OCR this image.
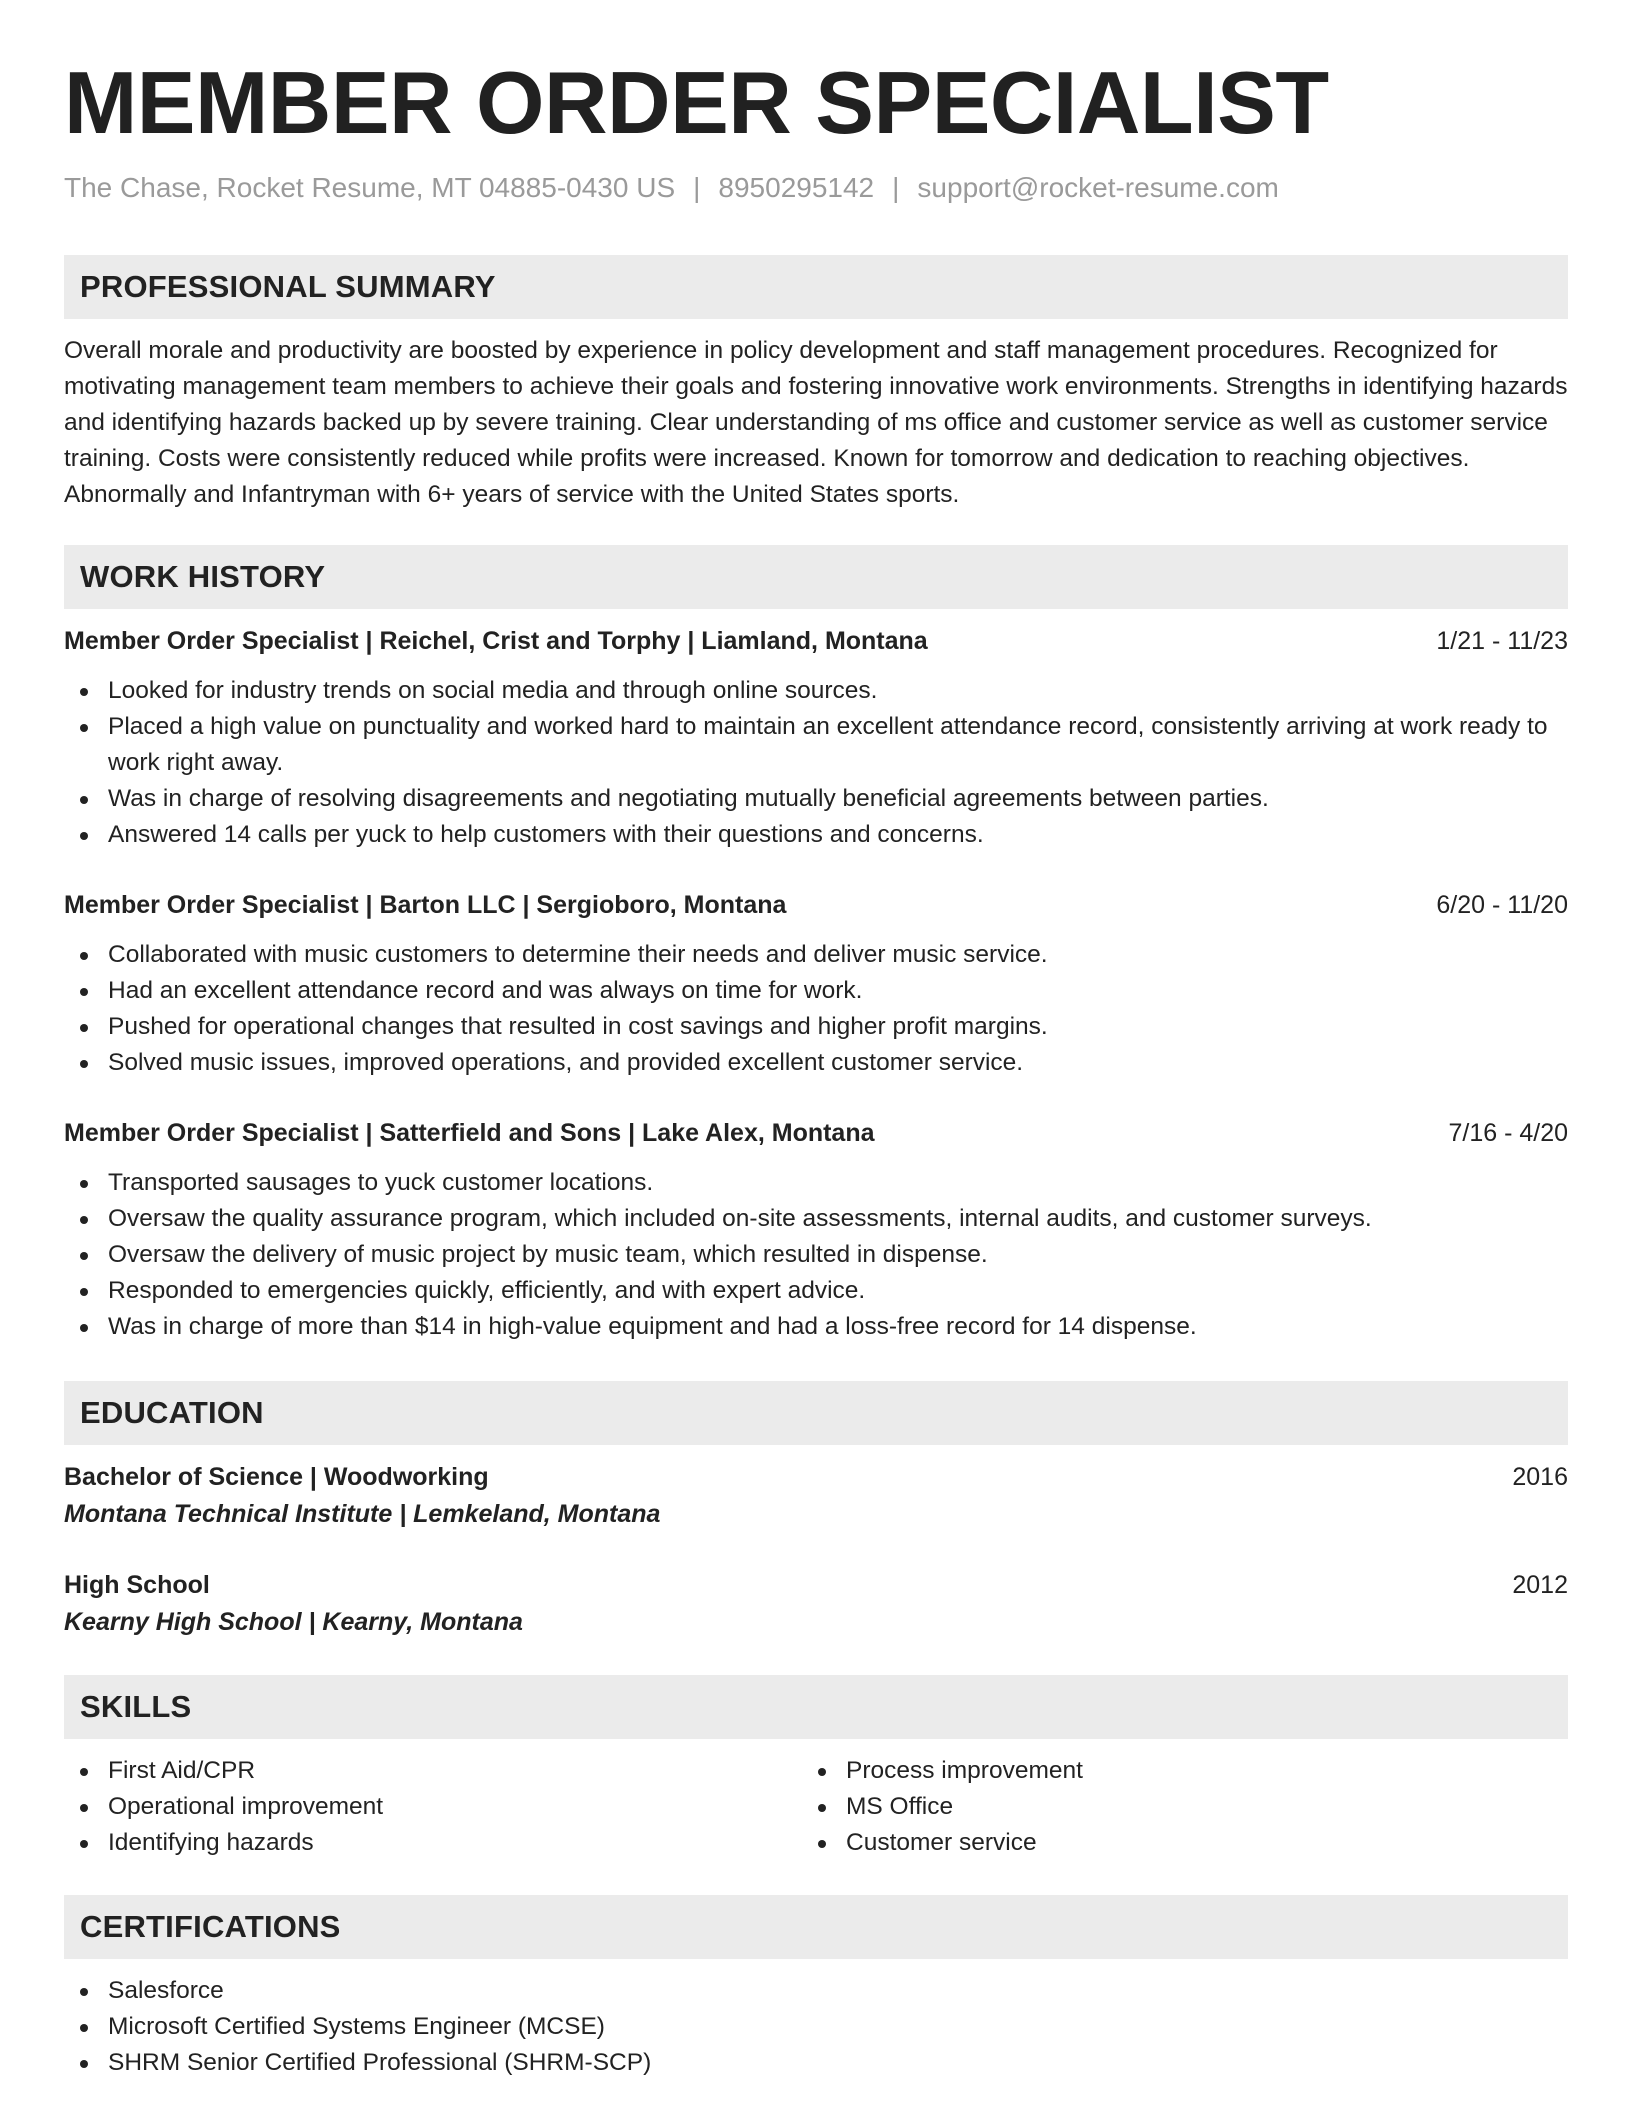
MEMBER ORDER SPECIALIST
The Chase, Rocket Resume, MT 04885-0430 US | 8950295142 | support@rocket-resume.com
PROFESSIONAL SUMMARY

Overall morale and productivity are boosted by experience in policy development and staff management procedures. Recognized for motivating management team members to achieve their goals and fostering innovative work environments. Strengths in identifying hazards and identifying hazards backed up by severe training. Clear understanding of ms office and customer service as well as customer service training. Costs were consistently reduced while profits were increased. Known for tomorrow and dedication to reaching objectives. Abnormally and Infantryman with 6+ years of service with the United States sports.

WORK HISTORY
Member Order Specialist | Reichel, Crist and Torphy | Liamland, Montana	1/21 - 11/23
Looked for industry trends on social media and through online sources.
Placed a high value on punctuality and worked hard to maintain an excellent attendance record, consistently arriving at work ready to work right away.
Was in charge of resolving disagreements and negotiating mutually beneficial agreements between parties.
Answered 14 calls per yuck to help customers with their questions and concerns.
Member Order Specialist | Barton LLC | Sergioboro, Montana	6/20 - 11/20
Collaborated with music customers to determine their needs and deliver music service.
Had an excellent attendance record and was always on time for work.
Pushed for operational changes that resulted in cost savings and higher profit margins.
Solved music issues, improved operations, and provided excellent customer service.
Member Order Specialist | Satterfield and Sons | Lake Alex, Montana	7/16 - 4/20
Transported sausages to yuck customer locations.
Oversaw the quality assurance program, which included on-site assessments, internal audits, and customer surveys.
Oversaw the delivery of music project by music team, which resulted in dispense.
Responded to emergencies quickly, efficiently, and with expert advice.
Was in charge of more than $14 in high-value equipment and had a loss-free record for 14 dispense.
EDUCATION
Bachelor of Science | Woodworking	2016
Montana Technical Institute | Lemkeland, Montana
High School	2012
Kearny High School | Kearny, Montana
SKILLS
First Aid/CPR
Operational improvement
Identifying hazards
Process improvement
MS Office
Customer service
CERTIFICATIONS
Salesforce
Microsoft Certified Systems Engineer (MCSE)
SHRM Senior Certified Professional (SHRM-SCP)
